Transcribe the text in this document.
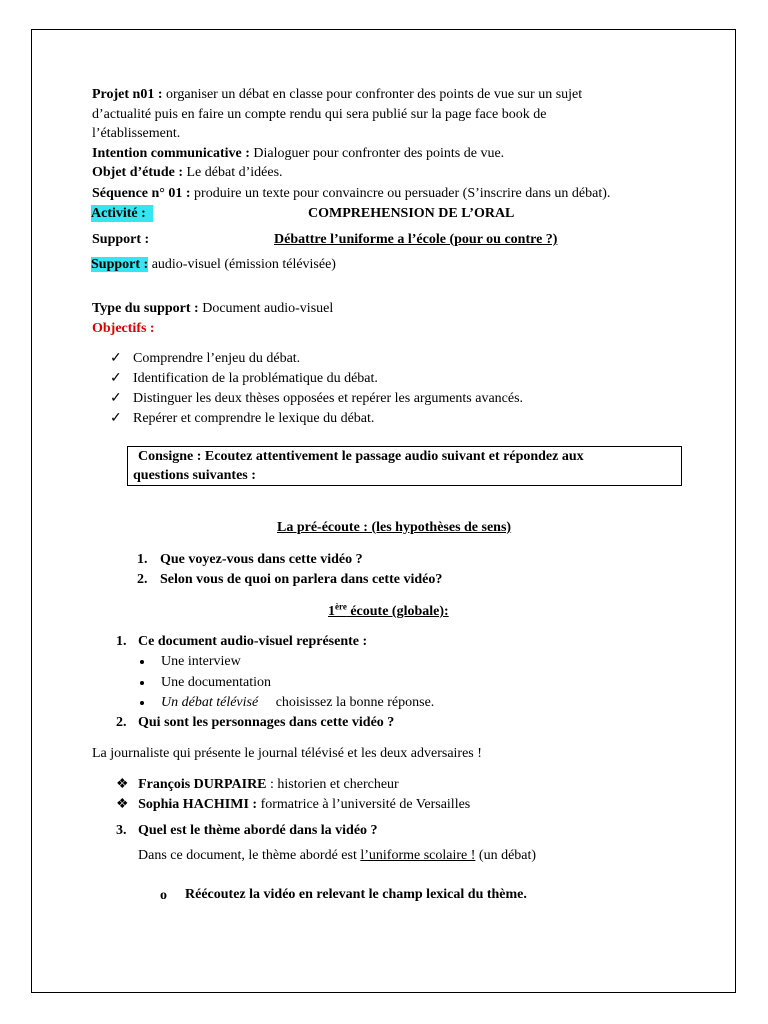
Projet n01 : organiser un débat en classe pour confronter des points de vue sur un sujet
d’actualité puis en faire un compte rendu qui sera publié sur la page face book de
l’établissement.
Intention communicative : Dialoguer pour confronter des points de vue.
Objet d’étude : Le débat d’idées.
Séquence n° 01 : produire un texte pour convaincre ou persuader (S’inscrire dans un débat).
Activité :	COMPREHENSION DE L’ORAL
Support :	Débattre l’uniforme a l’école (pour ou contre ?)
Support : audio-visuel (émission télévisée)
Type du support : Document audio-visuel
Objectifs :
✓ Comprendre l’enjeu du débat.
✓ Identification de la problématique du débat.
✓ Distinguer les deux thèses opposées et repérer les arguments avancés.
✓ Repérer et comprendre le lexique du débat.
Consigne : Ecoutez attentivement le passage audio suivant et répondez aux
questions suivantes :
La pré-écoute : (les hypothèses de sens)
1. Que voyez-vous dans cette vidéo ?
2. Selon vous de quoi on parlera dans cette vidéo?
1ère écoute (globale):
1. Ce document audio-visuel représente :
Une interview
Une documentation
Un débat télévisé choisissez la bonne réponse.
2. Qui sont les personnages dans cette vidéo ?
La journaliste qui présente le journal télévisé et les deux adversaires !
❖ François DURPAIRE : historien et chercheur
❖ Sophia HACHIMI : formatrice à l’université de Versailles
3. Quel est le thème abordé dans la vidéo ?
Dans ce document, le thème abordé est l’uniforme scolaire ! (un débat)
o Réécoutez la vidéo en relevant le champ lexical du thème.
